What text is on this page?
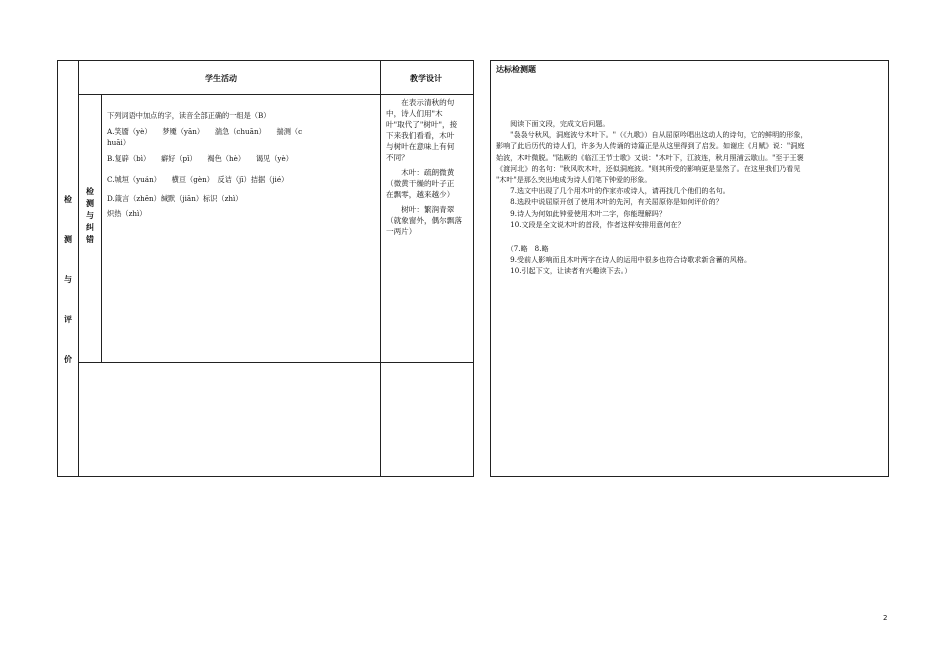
学生活动	教学设计
检
测
与
评
价
检
测
与
纠
错
下列词语中加点的字，读音全部正确的一组是（B）
A.笑靥（yè）　　梦魇（yān）　　湍急（chuān）　　揣测（c
huāi）
B.复辟（bì）　　癖好（pǐ）　　褐色（hè）　　谒见（yè）
C.城垣（yuán）　　横亘（gèn）　反诘（jī）拮据（jié）
D.箴言（zhēn）缄默（jiān）标识（zhì）
炽热（zhì）
　　在表示清秋的句
中，诗人们用"木
叶"取代了"树叶"，接
下来我们看看，木叶
与树叶在意味上有何
不同？
　　木叶：疏朗微黄
（微黄干燥的叶子正
在飘零，越来越少）
　　树叶：繁润青翠
（就象窗外，偶尔飘落
一两片）
达标检测题
　　阅读下面文段，完成文后问题。
　　"袅袅兮秋风，洞庭波兮木叶下。"（《九歌》）自从屈原吟唱出这动人的诗句，它的鲜明的形象，
影响了此后历代的诗人们，许多为人传诵的诗篇正是从这里得到了启发。如谢庄《月赋》说："洞庭
始波，木叶微脱。"陆厥的《临江王节士歌》又说："木叶下，江波连，秋月照浦云歇山。"至于王褒
《渡河北》的名句："秋风吹木叶，还似洞庭波。"则其所受的影响更是显然了。在这里我们乃看见
"木叶"是那么突出地成为诗人们笔下钟爱的形象。
　　7.选文中出现了几个用木叶的作家亦或诗人，请再找几个他们的名句。
　　8.选段中说屈原开创了使用木叶的先河，有关屈原你是如何评价的？
　　9.诗人为何如此钟爱使用木叶二字，你能理解吗？
　　10.文段是全文说木叶的首段，作者这样安排用意何在？
　　（7.略　8.略
　　9.受前人影响而且木叶两字在诗人的运用中很多也符合诗歌求新含蓄的风格。
　　10.引起下文，让读者有兴趣读下去。）
2
